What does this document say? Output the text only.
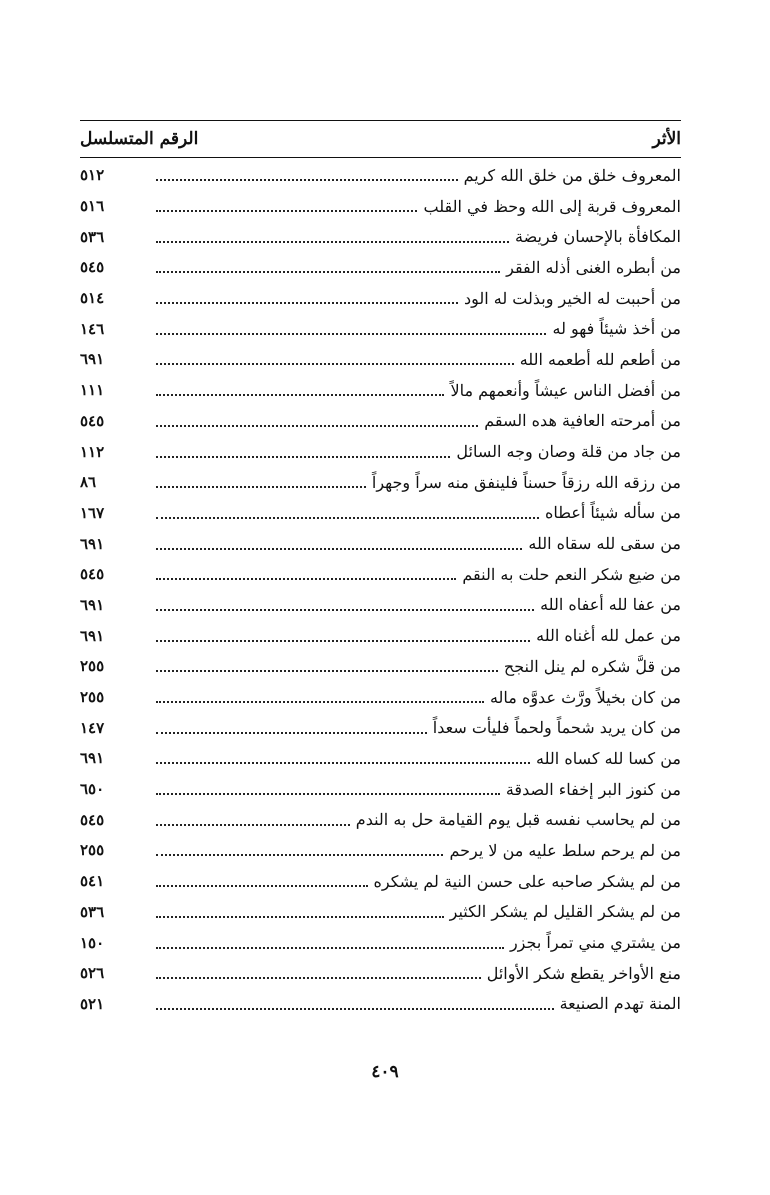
الأثر
الرقم المتسلسل
المعروف خلق من خلق الله كريم
٥١٢
المعروف قربة إلى الله وحظ في القلب
٥١٦
المكافأة بالإحسان فريضة
٥٣٦
من أبطره الغنى أذله الفقر
٥٤٥
من أحببت له الخير وبذلت له الود
٥١٤
من أخذ شيئاً فهو له
١٤٦
من أطعم لله أطعمه الله
٦٩١
من أفضل الناس عيشاً وأنعمهم مالاً
١١١
من أمرحته العافية هده السقم
٥٤٥
من جاد من قلة وصان وجه السائل
١١٢
من رزقه الله رزقاً حسناً فلينفق منه سراً وجهراً
٨٦
من سأله شيئاً أعطاه
١٦٧
من سقى لله سقاه الله
٦٩١
من ضيع شكر النعم حلت به النقم
٥٤٥
من عفا لله أعفاه الله
٦٩١
من عمل لله أغناه الله
٦٩١
من قلَّ شكره لم ينل النجح
٢٥٥
من كان بخيلاً ورَّث عدوَّه ماله
٢٥٥
من كان يريد شحماً ولحماً فليأت سعداً
١٤٧
من كسا لله كساه الله
٦٩١
من كنوز البر إخفاء الصدقة
٦٥٠
من لم يحاسب نفسه قبل يوم القيامة حل به الندم
٥٤٥
من لم يرحم سلط عليه من لا يرحم
٢٥٥
من لم يشكر صاحبه على حسن النية لم يشكره
٥٤١
من لم يشكر القليل لم يشكر الكثير
٥٣٦
من يشتري مني تمراً بجزر
١٥٠
منع الأواخر يقطع شكر الأوائل
٥٢٦
المنة تهدم الصنيعة
٥٢١
٤٠٩
